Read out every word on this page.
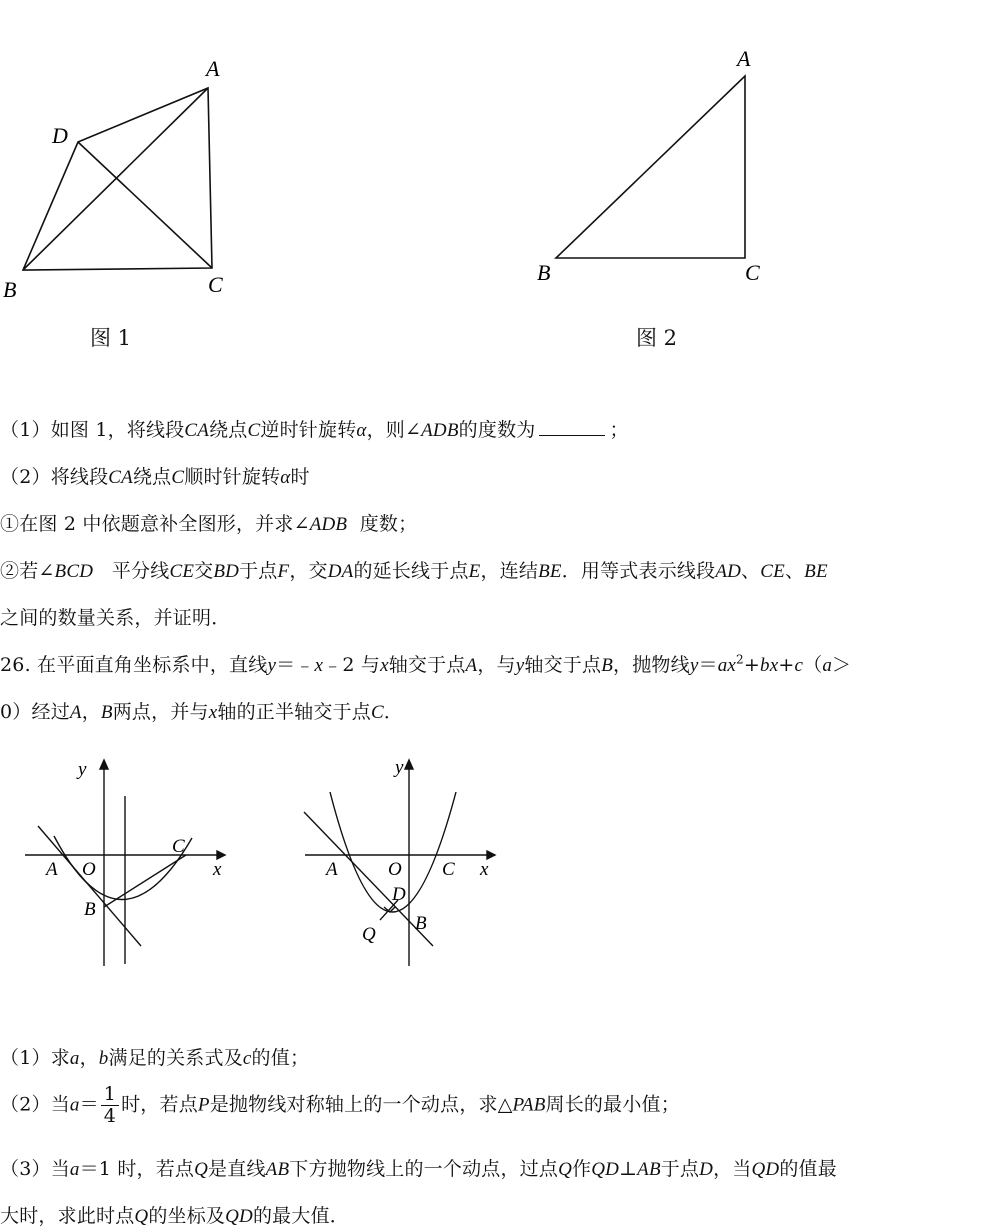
A
D
B	C
图 1
A
B	C
图 2
（1）如图 1，将线段CA绕点C逆时针旋转α，则∠ADB的度数为	；
（2）将线段CA绕点C顺时针旋转α时
①在图 2 中依题意补全图形，并求∠ADB 度数；
②若∠BCD 平分线CE交BD于点F，交DA的延长线于点E，连结BE．用等式表示线段AD、CE、BE
之间的数量关系，并证明．
26. 在平面直角坐标系中，直线y＝﹣x﹣2 与x轴交于点A，与y轴交于点B，抛物线$y=ax^2+bx+c(a>$
0）经过A，B两点，并与x轴的正半轴交于点C．
y
x
A O
B
C
y
x
A	O C
D
B
Q
（1）求a，b满足的关系式及c的值；
（2）当$a= \frac{1}{4}$ 时，若点P是抛物线对称轴上的一个动点，求△PAB周长的最小值；
（3）当a＝1 时，若点Q是直线AB下方抛物线上的一个动点，过点Q作QD⊥AB于点D，当QD的值最
大时，求此时点Q的坐标及QD的最大值．
